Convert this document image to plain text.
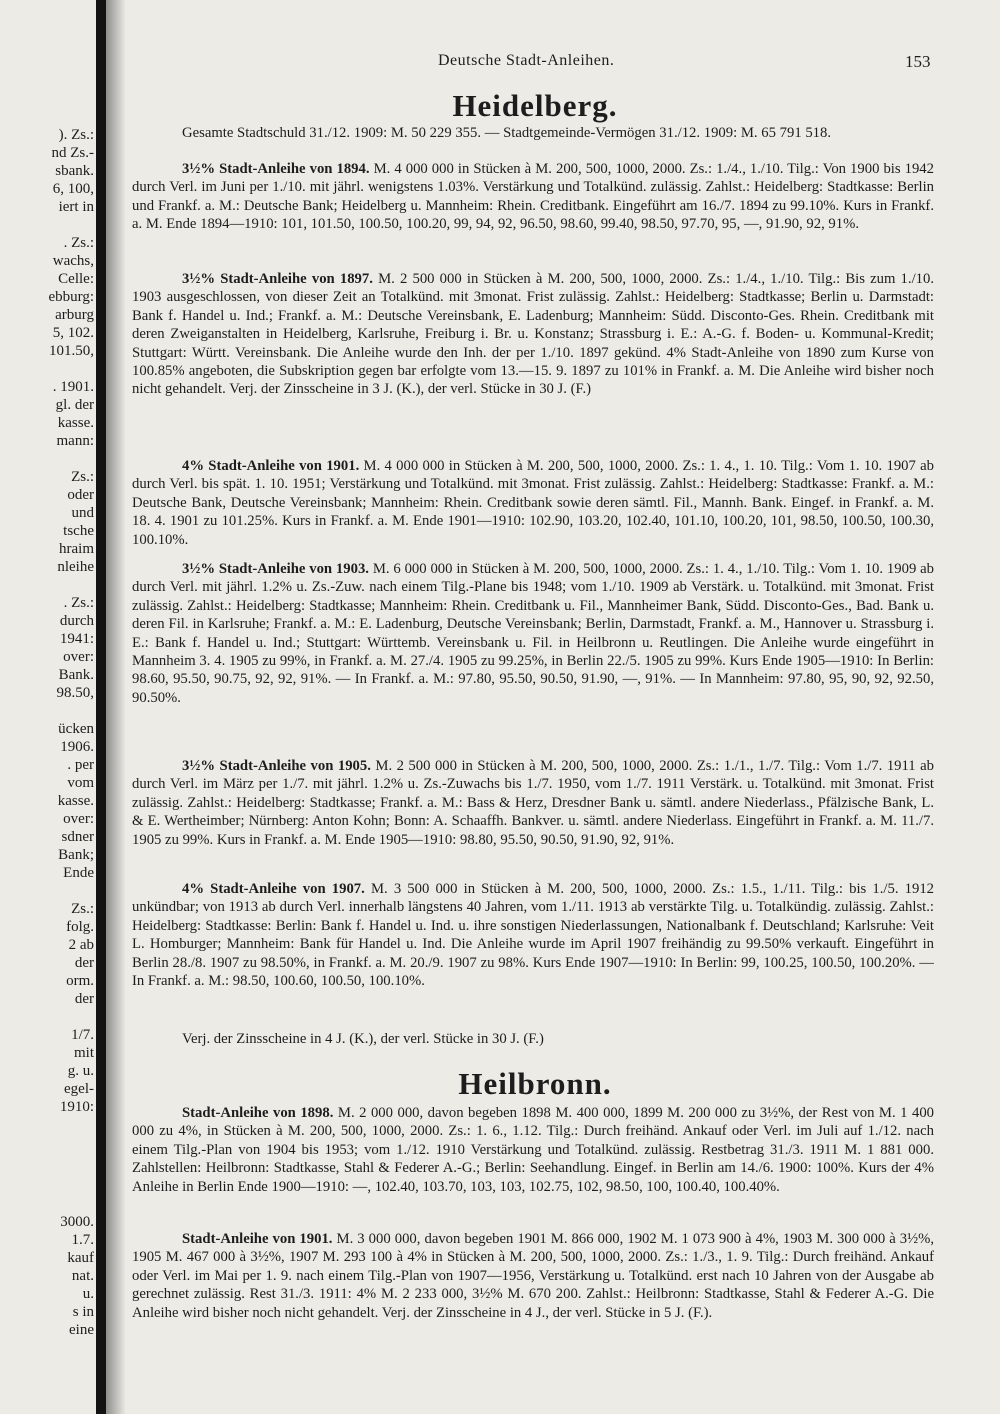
). Zs.:
nd Zs.-
sbank.
6, 100,
iert in
. Zs.:
wachs,
Celle:
ebburg:
arburg
5, 102.
101.50,
. 1901.
gl. der
kasse.
mann:
Zs.:
oder
und
tsche
hraim
nleihe
. Zs.:
durch
1941:
over:
Bank.
98.50,
ücken
1906.
. per
vom
kasse.
over:
sdner
Bank;
Ende
Zs.:
folg.
2 ab
der
orm.
der
1/7.
mit
g. u.
egel-
1910:
3000.
1.7.
kauf
nat.
u.
s in
eine
Deutsche Stadt-Anleihen.	153
Heidelberg.
Gesamte Stadtschuld 31./12. 1909: M. 50 229 355. — Stadtgemeinde-Vermögen 31./12. 1909: M. 65 791 518.
3½% Stadt-Anleihe von 1894. M. 4 000 000 in Stücken à M. 200, 500, 1000, 2000. Zs.: 1./4., 1./10. Tilg.: Von 1900 bis 1942 durch Verl. im Juni per 1./10. mit jährl. wenigstens 1.03%. Verstärkung und Totalkünd. zulässig. Zahlst.: Heidelberg: Stadtkasse: Berlin und Frankf. a. M.: Deutsche Bank; Heidelberg u. Mannheim: Rhein. Creditbank. Eingeführt am 16./7. 1894 zu 99.10%. Kurs in Frankf. a. M. Ende 1894—1910: 101, 101.50, 100.50, 100.20, 99, 94, 92, 96.50, 98.60, 99.40, 98.50, 97.70, 95, —, 91.90, 92, 91%.
3½% Stadt-Anleihe von 1897. M. 2 500 000 in Stücken à M. 200, 500, 1000, 2000. Zs.: 1./4., 1./10. Tilg.: Bis zum 1./10. 1903 ausgeschlossen, von dieser Zeit an Totalkünd. mit 3monat. Frist zulässig. Zahlst.: Heidelberg: Stadtkasse; Berlin u. Darmstadt: Bank f. Handel u. Ind.; Frankf. a. M.: Deutsche Vereinsbank, E. Ladenburg; Mannheim: Südd. Disconto-Ges. Rhein. Creditbank mit deren Zweiganstalten in Heidelberg, Karlsruhe, Freiburg i. Br. u. Konstanz; Strassburg i. E.: A.-G. f. Boden- u. Kommunal-Kredit; Stuttgart: Württ. Vereinsbank. Die Anleihe wurde den Inh. der per 1./10. 1897 gekünd. 4% Stadt-Anleihe von 1890 zum Kurse von 100.85% angeboten, die Subskription gegen bar erfolgte vom 13.—15. 9. 1897 zu 101% in Frankf. a. M. Die Anleihe wird bisher noch nicht gehandelt. Verj. der Zinsscheine in 3 J. (K.), der verl. Stücke in 30 J. (F.)
4% Stadt-Anleihe von 1901. M. 4 000 000 in Stücken à M. 200, 500, 1000, 2000. Zs.: 1. 4., 1. 10. Tilg.: Vom 1. 10. 1907 ab durch Verl. bis spät. 1. 10. 1951; Verstärkung und Totalkünd. mit 3monat. Frist zulässig. Zahlst.: Heidelberg: Stadtkasse: Frankf. a. M.: Deutsche Bank, Deutsche Vereinsbank; Mannheim: Rhein. Creditbank sowie deren sämtl. Fil., Mannh. Bank. Eingef. in Frankf. a. M. 18. 4. 1901 zu 101.25%. Kurs in Frankf. a. M. Ende 1901—1910: 102.90, 103.20, 102.40, 101.10, 100.20, 101, 98.50, 100.50, 100.30, 100.10%.
3½% Stadt-Anleihe von 1903. M. 6 000 000 in Stücken à M. 200, 500, 1000, 2000. Zs.: 1. 4., 1./10. Tilg.: Vom 1. 10. 1909 ab durch Verl. mit jährl. 1.2% u. Zs.-Zuw. nach einem Tilg.-Plane bis 1948; vom 1./10. 1909 ab Verstärk. u. Totalkünd. mit 3monat. Frist zulässig. Zahlst.: Heidelberg: Stadtkasse; Mannheim: Rhein. Creditbank u. Fil., Mannheimer Bank, Südd. Disconto-Ges., Bad. Bank u. deren Fil. in Karlsruhe; Frankf. a. M.: E. Ladenburg, Deutsche Vereinsbank; Berlin, Darmstadt, Frankf. a. M., Hannover u. Strassburg i. E.: Bank f. Handel u. Ind.; Stuttgart: Württemb. Vereinsbank u. Fil. in Heilbronn u. Reutlingen. Die Anleihe wurde eingeführt in Mannheim 3. 4. 1905 zu 99%, in Frankf. a. M. 27./4. 1905 zu 99.25%, in Berlin 22./5. 1905 zu 99%. Kurs Ende 1905—1910: In Berlin: 98.60, 95.50, 90.75, 92, 92, 91%. — In Frankf. a. M.: 97.80, 95.50, 90.50, 91.90, —, 91%. — In Mannheim: 97.80, 95, 90, 92, 92.50, 90.50%.
3½% Stadt-Anleihe von 1905. M. 2 500 000 in Stücken à M. 200, 500, 1000, 2000. Zs.: 1./1., 1./7. Tilg.: Vom 1./7. 1911 ab durch Verl. im März per 1./7. mit jährl. 1.2% u. Zs.-Zuwachs bis 1./7. 1950, vom 1./7. 1911 Verstärk. u. Totalkünd. mit 3monat. Frist zulässig. Zahlst.: Heidelberg: Stadtkasse; Frankf. a. M.: Bass & Herz, Dresdner Bank u. sämtl. andere Niederlass., Pfälzische Bank, L. & E. Wertheimber; Nürnberg: Anton Kohn; Bonn: A. Schaaffh. Bankver. u. sämtl. andere Niederlass. Eingeführt in Frankf. a. M. 11./7. 1905 zu 99%. Kurs in Frankf. a. M. Ende 1905—1910: 98.80, 95.50, 90.50, 91.90, 92, 91%.
4% Stadt-Anleihe von 1907. M. 3 500 000 in Stücken à M. 200, 500, 1000, 2000. Zs.: 1.5., 1./11. Tilg.: bis 1./5. 1912 unkündbar; von 1913 ab durch Verl. innerhalb längstens 40 Jahren, vom 1./11. 1913 ab verstärkte Tilg. u. Totalkündig. zulässig. Zahlst.: Heidelberg: Stadtkasse: Berlin: Bank f. Handel u. Ind. u. ihre sonstigen Niederlassungen, Nationalbank f. Deutschland; Karlsruhe: Veit L. Homburger; Mannheim: Bank für Handel u. Ind. Die Anleihe wurde im April 1907 freihändig zu 99.50% verkauft. Eingeführt in Berlin 28./8. 1907 zu 98.50%, in Frankf. a. M. 20./9. 1907 zu 98%. Kurs Ende 1907—1910: In Berlin: 99, 100.25, 100.50, 100.20%. — In Frankf. a. M.: 98.50, 100.60, 100.50, 100.10%.
Verj. der Zinsscheine in 4 J. (K.), der verl. Stücke in 30 J. (F.)
Heilbronn.
Stadt-Anleihe von 1898. M. 2 000 000, davon begeben 1898 M. 400 000, 1899 M. 200 000 zu 3½%, der Rest von M. 1 400 000 zu 4%, in Stücken à M. 200, 500, 1000, 2000. Zs.: 1. 6., 1.12. Tilg.: Durch freihänd. Ankauf oder Verl. im Juli auf 1./12. nach einem Tilg.-Plan von 1904 bis 1953; vom 1./12. 1910 Verstärkung und Totalkünd. zulässig. Restbetrag 31./3. 1911 M. 1 881 000. Zahlstellen: Heilbronn: Stadtkasse, Stahl & Federer A.-G.; Berlin: Seehandlung. Eingef. in Berlin am 14./6. 1900: 100%. Kurs der 4% Anleihe in Berlin Ende 1900—1910: —, 102.40, 103.70, 103, 103, 102.75, 102, 98.50, 100, 100.40, 100.40%.
Stadt-Anleihe von 1901. M. 3 000 000, davon begeben 1901 M. 866 000, 1902 M. 1 073 900 à 4%, 1903 M. 300 000 à 3½%, 1905 M. 467 000 à 3½%, 1907 M. 293 100 à 4% in Stücken à M. 200, 500, 1000, 2000. Zs.: 1./3., 1. 9. Tilg.: Durch freihänd. Ankauf oder Verl. im Mai per 1. 9. nach einem Tilg.-Plan von 1907—1956, Verstärkung u. Totalkünd. erst nach 10 Jahren von der Ausgabe ab gerechnet zulässig. Rest 31./3. 1911: 4% M. 2 233 000, 3½% M. 670 200. Zahlst.: Heilbronn: Stadtkasse, Stahl & Federer A.-G. Die Anleihe wird bisher noch nicht gehandelt. Verj. der Zinsscheine in 4 J., der verl. Stücke in 5 J. (F.).
